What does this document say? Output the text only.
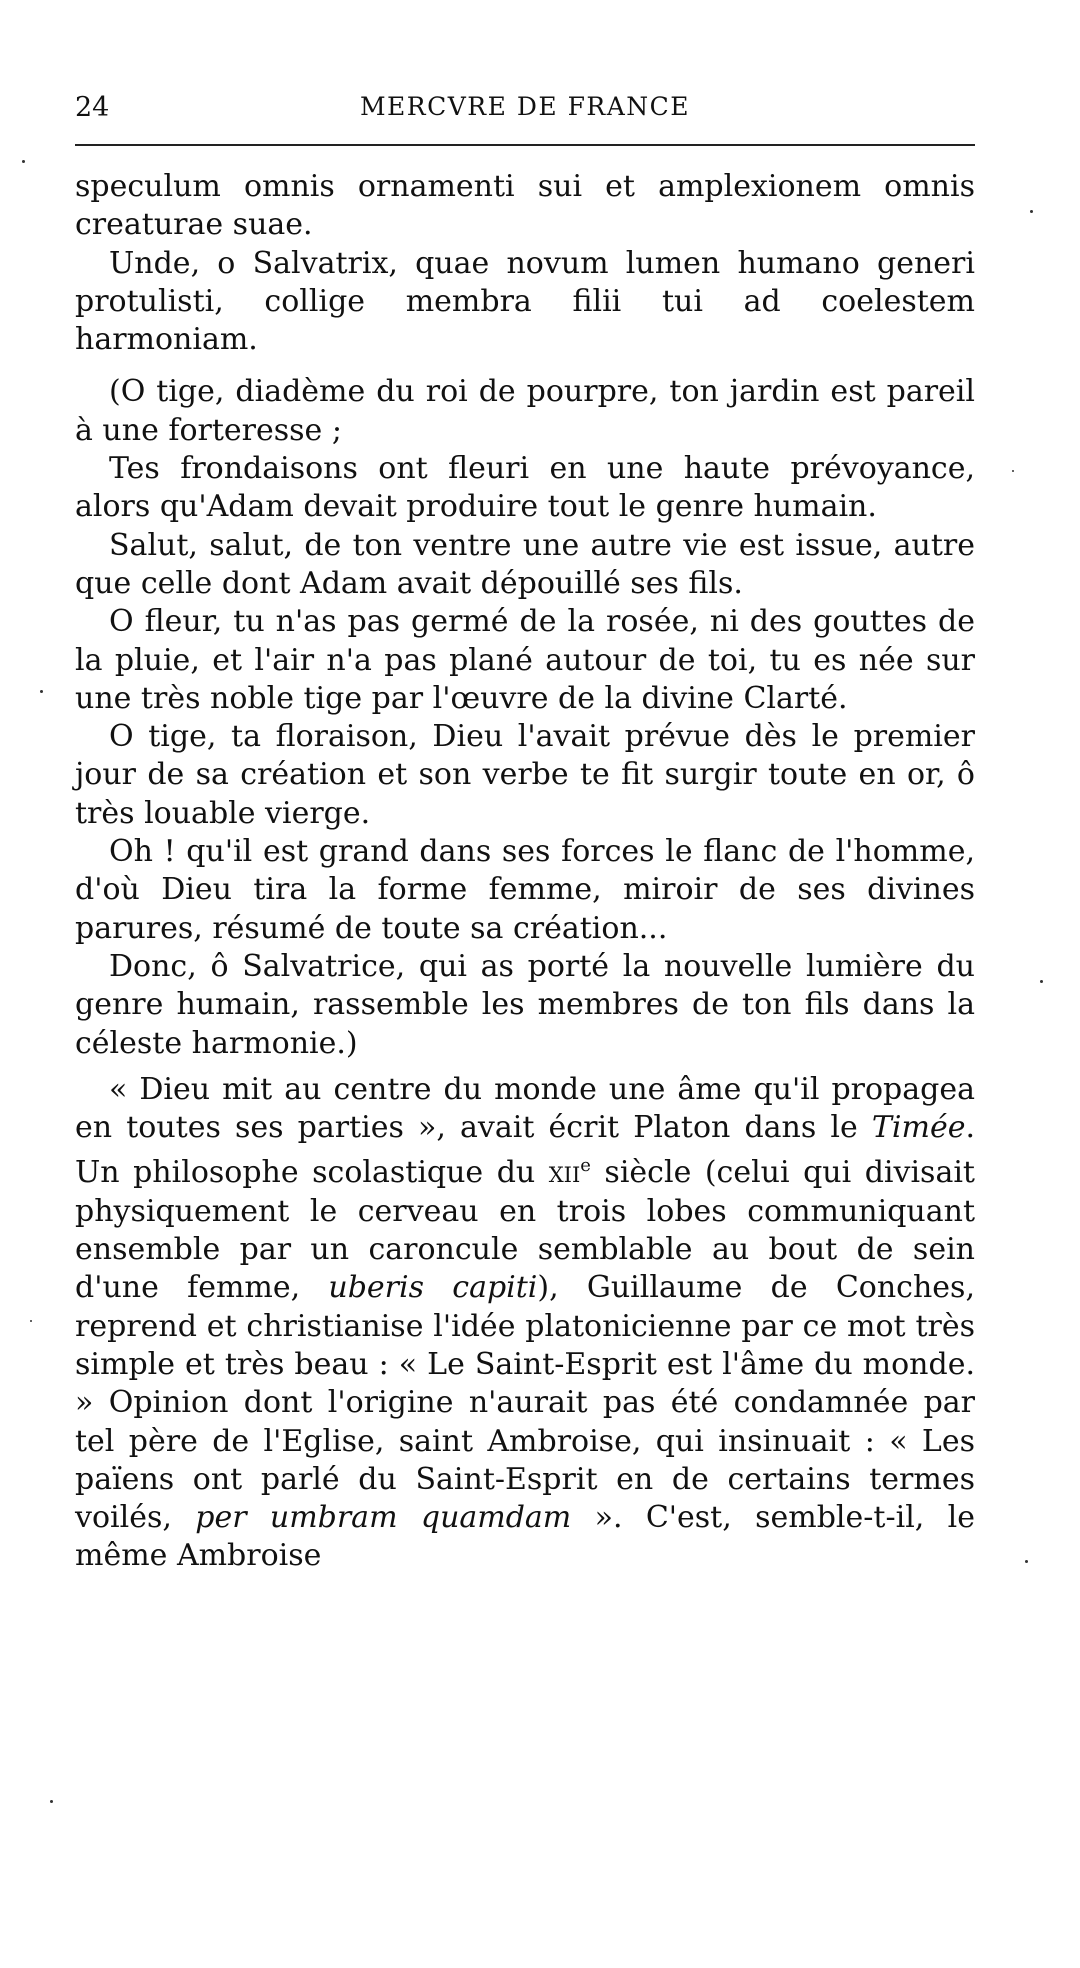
24	MERCVRE DE FRANCE

speculum omnis ornamenti sui et amplexionem omnis creaturae suae.

Unde, o Salvatrix, quae novum lumen humano generi protulisti, collige membra filii tui ad coelestem harmoniam.

(O tige, diadème du roi de pourpre, ton jardin est pareil à une forteresse ;

Tes frondaisons ont fleuri en une haute prévoyance, alors qu'Adam devait produire tout le genre humain.

Salut, salut, de ton ventre une autre vie est issue, autre que celle dont Adam avait dépouillé ses fils.

O fleur, tu n'as pas germé de la rosée, ni des gouttes de la pluie, et l'air n'a pas plané autour de toi, tu es née sur une très noble tige par l'œuvre de la divine Clarté.

O tige, ta floraison, Dieu l'avait prévue dès le premier jour de sa création et son verbe te fit surgir toute en or, ô très louable vierge.

Oh ! qu'il est grand dans ses forces le flanc de l'homme, d'où Dieu tira la forme femme, miroir de ses divines parures, résumé de toute sa création...

Donc, ô Salvatrice, qui as porté la nouvelle lumière du genre humain, rassemble les membres de ton fils dans la céleste harmonie.)

« Dieu mit au centre du monde une âme qu'il propagea en toutes ses parties », avait écrit Platon dans le Timée. Un philosophe scolastique du xii$^e$ siècle (celui qui divisait physiquement le cerveau en trois lobes communiquant ensemble par un caroncule semblable au bout de sein d'une femme, uberis capiti), Guillaume de Conches, reprend et christianise l'idée platonicienne par ce mot très simple et très beau : « Le Saint-Esprit est l'âme du monde. » Opinion dont l'origine n'aurait pas été condamnée par tel père de l'Eglise, saint Ambroise, qui insinuait : « Les païens ont parlé du Saint-Esprit en de certains termes voilés, per umbram quamdam ». C'est, semble-t-il, le même Ambroise
